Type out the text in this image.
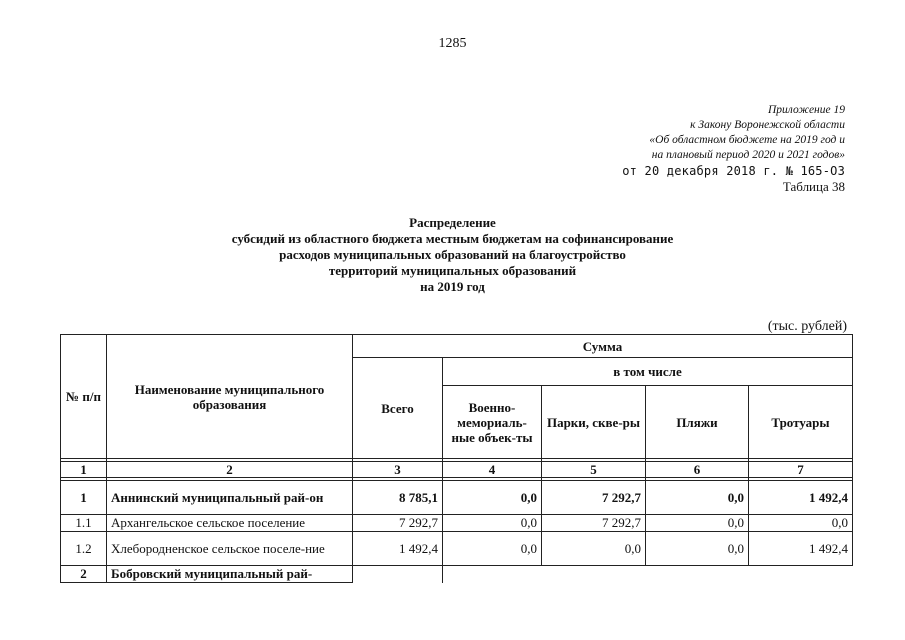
1285
Приложение 19
к Закону Воронежской области
«Об областном бюджете на 2019 год и
на плановый период 2020 и 2021 годов»
от 20 декабря 2018 г. № 165-ОЗ
Таблица 38
Распределение
субсидий из областного бюджета местным бюджетам на софинансирование
расходов муниципальных образований на благоустройство
территорий муниципальных образований
на 2019 год
(тыс. рублей)
№ п/п	Наименование муниципального образования	Сумма				
		Всего	в том числе			
			Военно-мемориаль-ные объек-ты	Парки, скве-ры	Пляжи	Тротуары

1	2	3	4	5	6	7

1	Аннинский муниципальный рай-он	8 785,1	0,0	7 292,7	0,0	1 492,4
1.1	Архангельское сельское поселение	7 292,7	0,0	7 292,7	0,0	0,0
1.2	Хлебородненское сельское поселе-ние	1 492,4	0,0	0,0	0,0	1 492,4
2	Бобровский муниципальный рай-					
